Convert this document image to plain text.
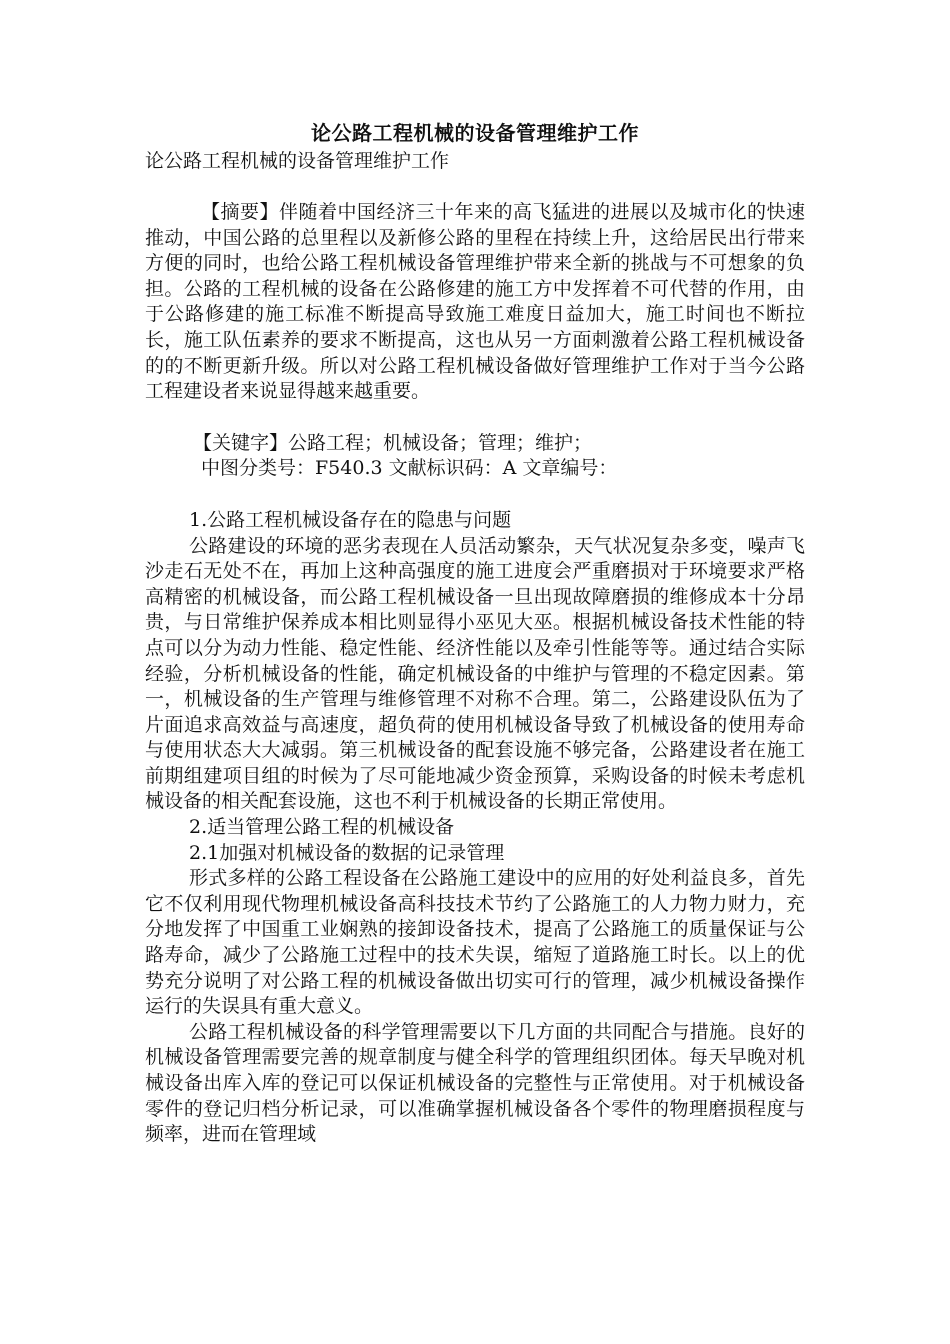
论公路工程机械的设备管理维护工作
论公路工程机械的设备管理维护工作

【摘要】伴随着中国经济三十年来的高飞猛进的进展以及城市化的快速推动，中国公路的总里程以及新修公路的里程在持续上升，这给居民出行带来方便的同时，也给公路工程机械设备管理维护带来全新的挑战与不可想象的负担。公路的工程机械的设备在公路修建的施工方中发挥着不可代替的作用，由于公路修建的施工标准不断提高导致施工难度日益加大，施工时间也不断拉长，施工队伍素养的要求不断提高，这也从另一方面刺激着公路工程机械设备的的不断更新升级。所以对公路工程机械设备做好管理维护工作对于当今公路工程建设者来说显得越来越重要。

【关键字】公路工程；机械设备；管理；维护；

中图分类号：F540.3 文献标识码：A 文章编号：

1.公路工程机械设备存在的隐患与问题

公路建设的环境的恶劣表现在人员活动繁杂，天气状况复杂多变，噪声飞沙走石无处不在，再加上这种高强度的施工进度会严重磨损对于环境要求严格高精密的机械设备，而公路工程机械设备一旦出现故障磨损的维修成本十分昂贵，与日常维护保养成本相比则显得小巫见大巫。根据机械设备技术性能的特点可以分为动力性能、稳定性能、经济性能以及牵引性能等等。通过结合实际经验，分析机械设备的性能，确定机械设备的中维护与管理的不稳定因素。第一，机械设备的生产管理与维修管理不对称不合理。第二，公路建设队伍为了片面追求高效益与高速度，超负荷的使用机械设备导致了机械设备的使用寿命与使用状态大大减弱。第三机械设备的配套设施不够完备，公路建设者在施工前期组建项目组的时候为了尽可能地减少资金预算，采购设备的时候未考虑机械设备的相关配套设施，这也不利于机械设备的长期正常使用。

2.适当管理公路工程的机械设备

2.1加强对机械设备的数据的记录管理

形式多样的公路工程设备在公路施工建设中的应用的好处利益良多，首先它不仅利用现代物理机械设备高科技技术节约了公路施工的人力物力财力，充分地发挥了中国重工业娴熟的接卸设备技术，提高了公路施工的质量保证与公路寿命，减少了公路施工过程中的技术失误，缩短了道路施工时长。以上的优势充分说明了对公路工程的机械设备做出切实可行的管理，减少机械设备操作运行的失误具有重大意义。

公路工程机械设备的科学管理需要以下几方面的共同配合与措施。良好的机械设备管理需要完善的规章制度与健全科学的管理组织团体。每天早晚对机械设备出库入库的登记可以保证机械设备的完整性与正常使用。对于机械设备零件的登记归档分析记录，可以准确掌握机械设备各个零件的物理磨损程度与频率，进而在管理域
